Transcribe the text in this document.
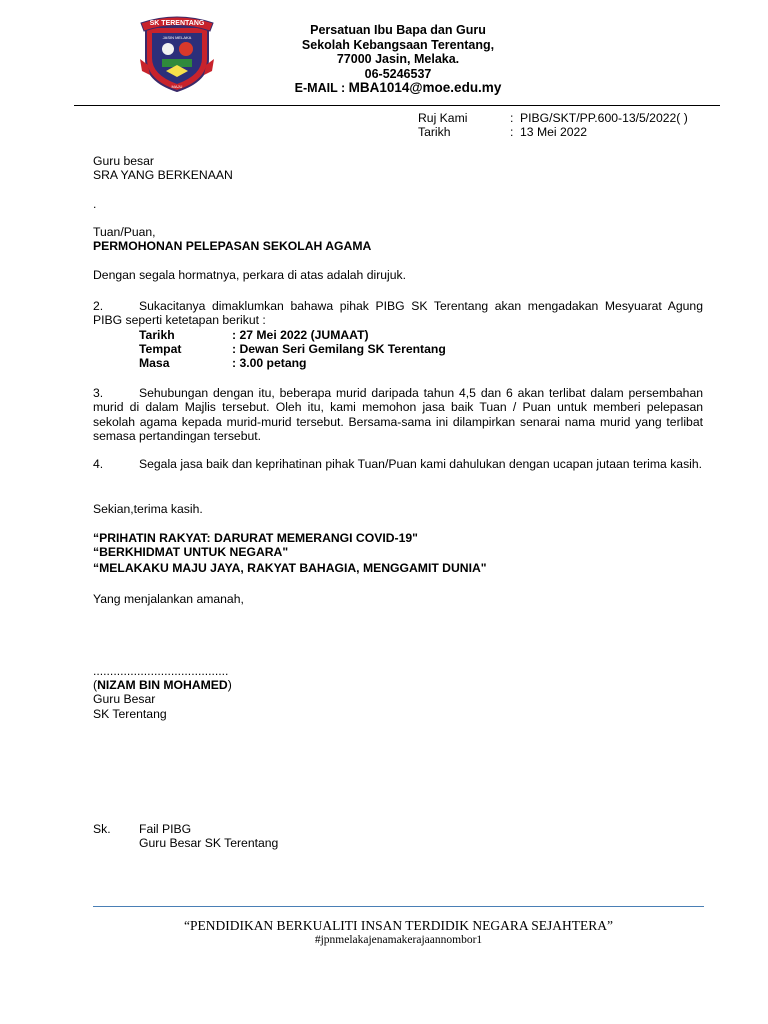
SK TERENTANG
JASIN MELAKA
MAJU
Persatuan Ibu Bapa dan Guru
Sekolah Kebangsaan Terentang,
77000 Jasin, Melaka.
06-5246537
E-MAIL : MBA1014@moe.edu.my
Ruj Kami	: PIBG/SKT/PP.600-13/5/2022( )
Tarikh	: 13 Mei 2022
Guru besar
SRA YANG BERKENAAN
.
Tuan/Puan,
PERMOHONAN PELEPASAN SEKOLAH AGAMA
Dengan segala hormatnya, perkara di atas adalah dirujuk.
2.	Sukacitanya dimaklumkan bahawa pihak PIBG SK Terentang akan mengadakan Mesyuarat Agung PIBG seperti ketetapan berikut :
Tarikh	: 27 Mei 2022 (JUMAAT)
Tempat	: Dewan Seri Gemilang SK Terentang
Masa	: 3.00 petang
3.	Sehubungan dengan itu, beberapa murid daripada tahun 4,5 dan 6 akan terlibat dalam persembahan murid di dalam Majlis tersebut. Oleh itu, kami memohon jasa baik Tuan / Puan untuk memberi pelepasan sekolah agama kepada murid-murid tersebut. Bersama-sama ini dilampirkan senarai nama murid yang terlibat semasa pertandingan tersebut.
4.	Segala jasa baik dan keprihatinan pihak Tuan/Puan kami dahulukan dengan ucapan jutaan terima kasih.
Sekian,terima kasih.
“PRIHATIN RAKYAT: DARURAT MEMERANGI COVID-19"
“BERKHIDMAT UNTUK NEGARA"
“MELAKAKU MAJU JAYA, RAKYAT BAHAGIA, MENGGAMIT DUNIA"
Yang menjalankan amanah,
........................................
(NIZAM BIN MOHAMED)
Guru Besar
SK Terentang
Sk. Fail PIBG
Guru Besar SK Terentang
“PENDIDIKAN BERKUALITI INSAN TERDIDIK NEGARA SEJAHTERA”
#jpnmelakajenamakerajaannombor1
